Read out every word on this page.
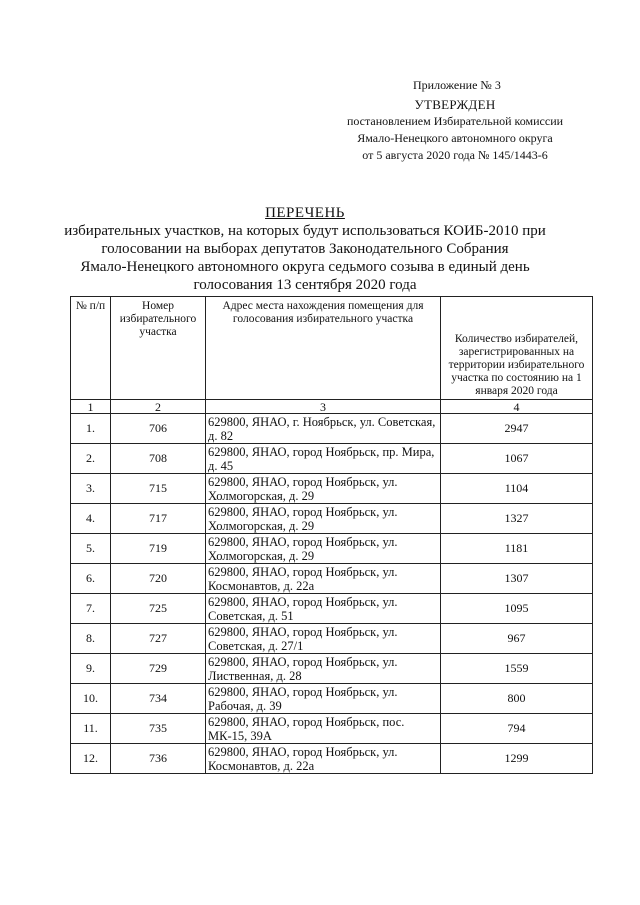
Приложение № 3
УТВЕРЖДЕН
постановлением Избирательной комиссии
Ямало-Ненецкого автономного округа
от 5 августа 2020 года № 145/1443-6
ПЕРЕЧЕНЬ
избирательных участков, на которых будут использоваться КОИБ-2010 при
голосовании на выборах депутатов Законодательного Собрания
Ямало-Ненецкого автономного округа седьмого созыва в единый день
голосования 13 сентября 2020 года
№ п/п	Номер избирательного участка	Адрес места нахождения помещения для голосования избирательного участка	Количество избирателей, зарегистрированных на территории избирательного участка по состоянию на 1 января 2020 года
1	2	3	4
1.	706	629800, ЯНАО, г. Ноябрьск, ул. Советская, д. 82	2947
2.	708	629800, ЯНАО, город Ноябрьск, пр. Мира, д. 45	1067
3.	715	629800, ЯНАО, город Ноябрьск, ул. Холмогорская, д. 29	1104
4.	717	629800, ЯНАО, город Ноябрьск, ул. Холмогорская, д. 29	1327
5.	719	629800, ЯНАО, город Ноябрьск, ул. Холмогорская, д. 29	1181
6.	720	629800, ЯНАО, город Ноябрьск, ул. Космонавтов, д. 22а	1307
7.	725	629800, ЯНАО, город Ноябрьск, ул. Советская, д. 51	1095
8.	727	629800, ЯНАО, город Ноябрьск, ул. Советская, д. 27/1	967
9.	729	629800, ЯНАО, город Ноябрьск, ул. Лиственная, д. 28	1559
10.	734	629800, ЯНАО, город Ноябрьск, ул. Рабочая, д. 39	800
11.	735	629800, ЯНАО, город Ноябрьск, пос. МК-15, 39А	794
12.	736	629800, ЯНАО, город Ноябрьск, ул. Космонавтов, д. 22а	1299
